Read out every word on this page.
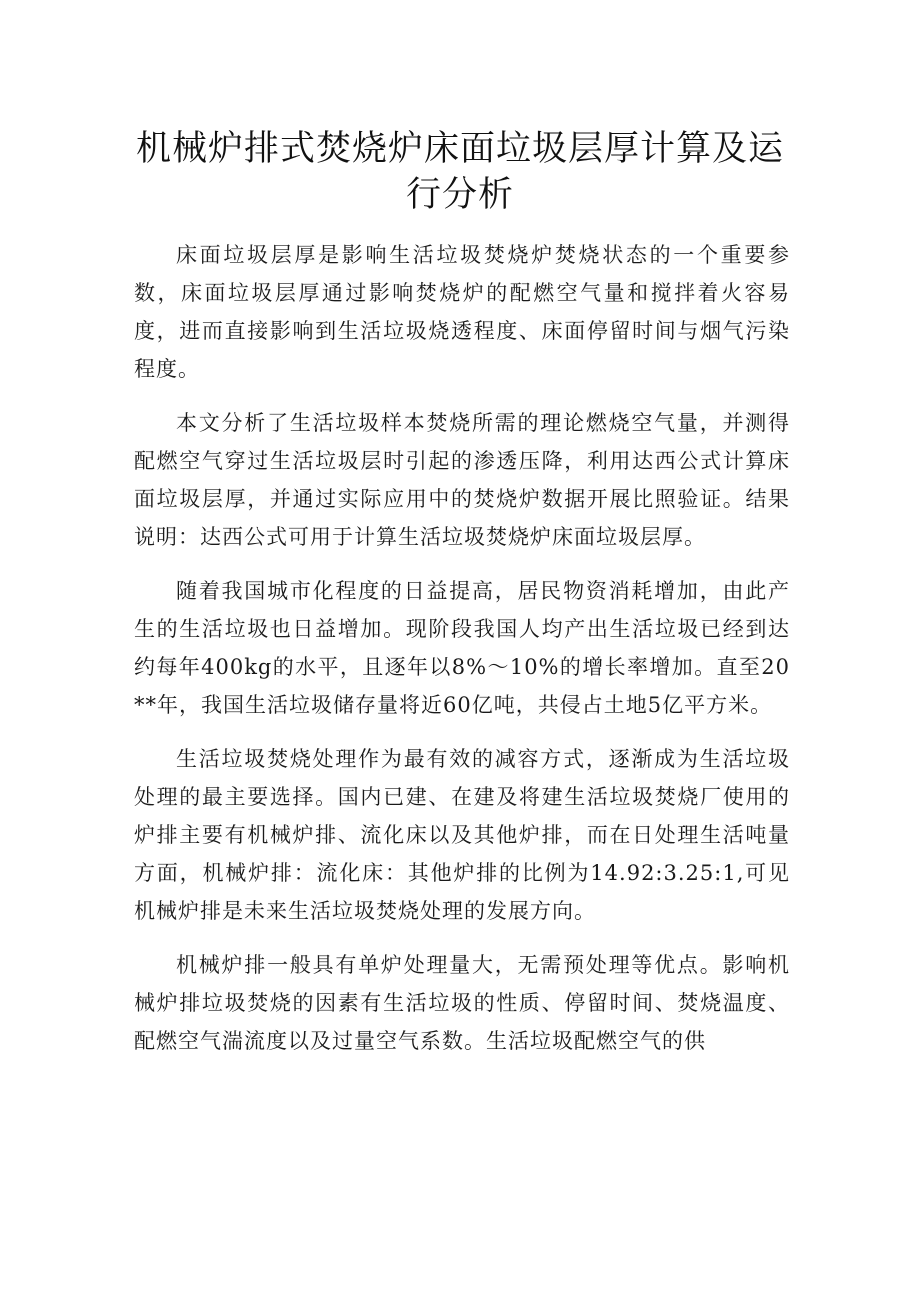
机械炉排式焚烧炉床面垃圾层厚计算及运行分析

床面垃圾层厚是影响生活垃圾焚烧炉焚烧状态的一个重要参数，床面垃圾层厚通过影响焚烧炉的配燃空气量和搅拌着火容易度，进而直接影响到生活垃圾烧透程度、床面停留时间与烟气污染程度。

本文分析了生活垃圾样本焚烧所需的理论燃烧空气量，并测得配燃空气穿过生活垃圾层时引起的渗透压降，利用达西公式计算床面垃圾层厚，并通过实际应用中的焚烧炉数据开展比照验证。结果说明：达西公式可用于计算生活垃圾焚烧炉床面垃圾层厚。

随着我国城市化程度的日益提高，居民物资消耗增加，由此产生的生活垃圾也日益增加。现阶段我国人均产出生活垃圾已经到达约每年400kg的水平，且逐年以8%～10%的增长率增加。直至20**年，我国生活垃圾储存量将近60亿吨，共侵占土地5亿平方米。

生活垃圾焚烧处理作为最有效的减容方式，逐渐成为生活垃圾处理的最主要选择。国内已建、在建及将建生活垃圾焚烧厂使用的炉排主要有机械炉排、流化床以及其他炉排，而在日处理生活吨量方面，机械炉排：流化床：其他炉排的比例为14.92:3.25:1,可见机械炉排是未来生活垃圾焚烧处理的发展方向。

机械炉排一般具有单炉处理量大，无需预处理等优点。影响机械炉排垃圾焚烧的因素有生活垃圾的性质、停留时间、焚烧温度、配燃空气湍流度以及过量空气系数。生活垃圾配燃空气的供
